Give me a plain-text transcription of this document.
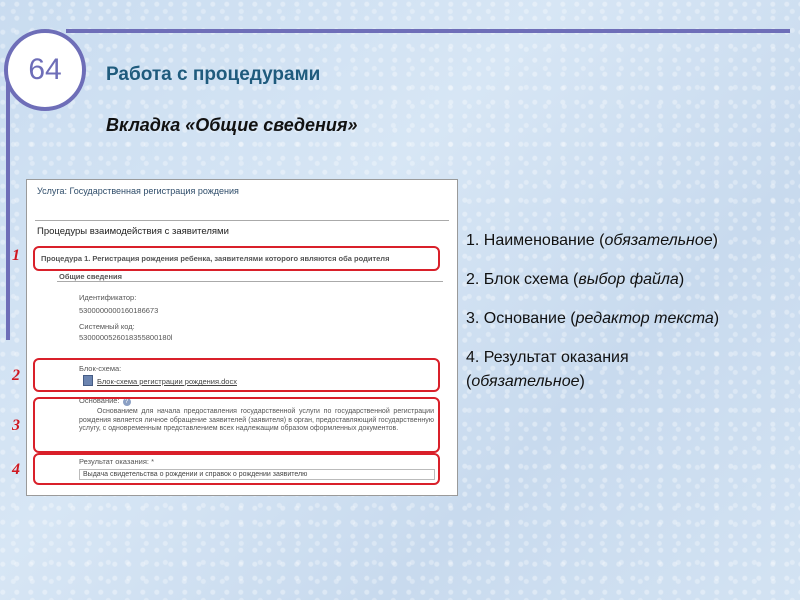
64 Работа с процедурами
Вкладка «Общие сведения»
Услуга: Государственная регистрация рождения
Процедуры взаимодействия с заявителями
Процедура 1. Регистрация рождения ребенка, заявителями которого являются оба родителя
Общие сведения
Идентификатор:
5300000000160186673
Системный код:
5300000526018355800180l
Блок-схема:
Блок-схема регистрации рождения.docx
Основание: ?
Основанием для начала предоставления государственной услуги по государственной регистрации рождения является личное обращение заявителей (заявителя) в орган, предоставляющий государственную услугу, с одновременным представлением всех надлежащим образом оформленных документов.
Результат оказания: *
Выдача свидетельства о рождении и справок о рождении заявителю
1
2
3
4
1. Наименование (обязательное)
2. Блок схема (выбор файла)
3. Основание (редактор текста)
4. Результат оказания
(обязательное)
